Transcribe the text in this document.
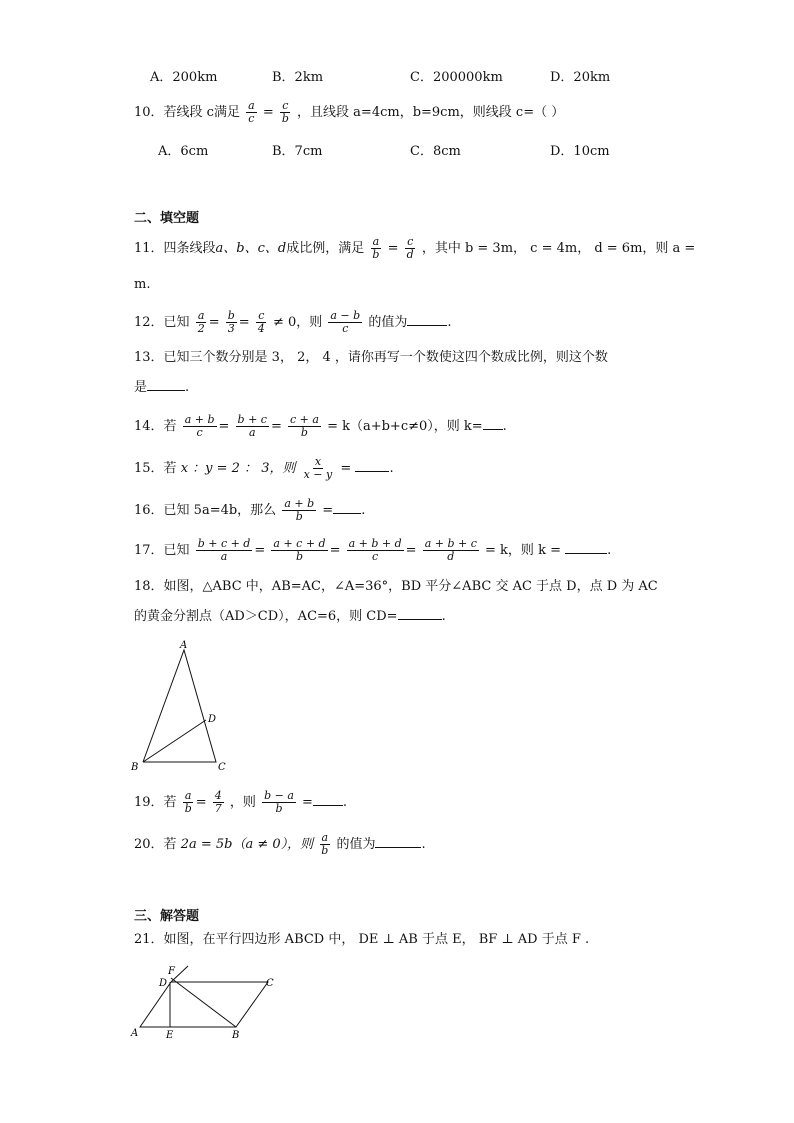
A．200km	B．2km	C．200000km	D．20km
10．若线段 c满足 $\frac{a}{c} = \frac{c}{b}$ ，且线段 a=4cm，b=9cm，则线段 c=（ ）
A．6cm	B．7cm	C．8cm	D．10cm
二、填空题
11．四条线段a、b、c、d成比例，满足 $\frac{a}{b} = \frac{c}{d}$ ，其中 b = 3m， c = 4m， d = 6m，则 a =
m.
12．已知 $\frac{a}{2} = \frac{b}{3} = \frac{c}{4} \ne 0$，则 $\frac{a - b}{c}$ 的值为	.
13．已知三个数分别是 3， 2， 4 ，请你再写一个数使这四个数成比例，则这个数
是	.
14．若 $\frac{a + b}{c} = \frac{b + c}{a} = \frac{c + a}{b} = k(a+b+c\ne 0)$，则 k= .
15．若 x ：y = 2 ： 3，则 $\frac{x}{x - y}$ =	.
16．已知 5a=4b，那么 $\frac{a + b}{b}$ = .
17．已知 $\frac{b + c + d}{a} = \frac{a + c + d}{b} = \frac{a + b + d}{c} = \frac{a + b + c}{d} = k$，则 k =	.
18．如图，△ABC 中，AB=AC，∠A=36°，BD 平分∠ABC 交 AC 于点 D，点 D 为 AC
的黄金分割点（AD＞CD），AC=6，则 CD=	.
A
B	C
D
19．若 $\frac{a}{b} = \frac{4}{7}$ ，则 $\frac{b - a}{b}$ = .
20．若 2a = 5b（a ≠ 0），则 $\frac{a}{b}$ 的值为	.
三、解答题
21．如图，在平行四边形 ABCD 中， DE ⊥ AB 于点 E， BF ⊥ AD 于点 F .
A	B
C
D
E
F
